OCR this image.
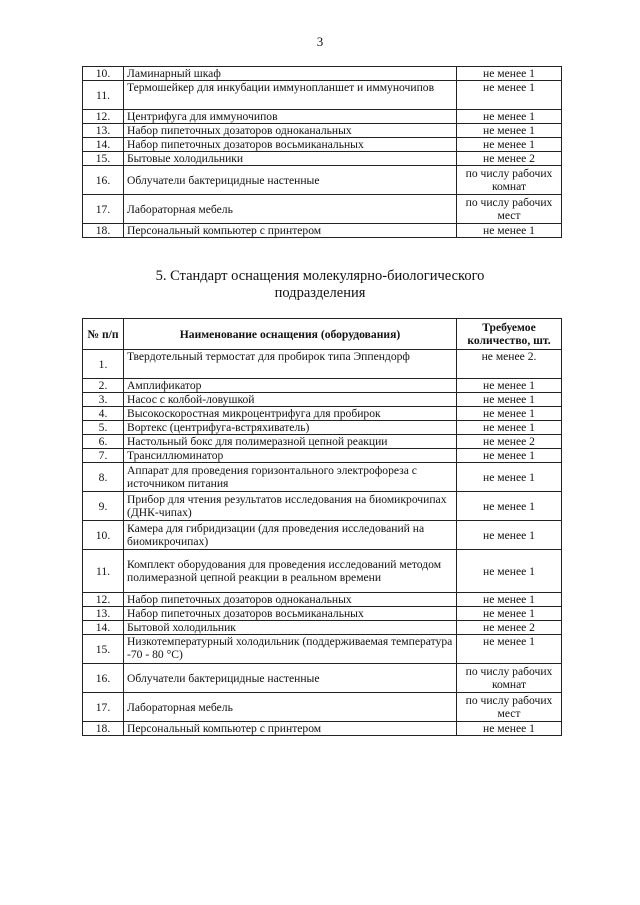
3
10.	Ламинарный шкаф	не менее 1
11.	Термошейкер для инкубации иммунопланшет и иммуночипов	не менее 1
12.	Центрифуга для иммуночипов	не менее 1
13.	Набор пипеточных дозаторов одноканальных	не менее 1
14.	Набор пипеточных дозаторов восьмиканальных	не менее 1
15.	Бытовые холодильники	не менее 2
16.	Облучатели бактерицидные настенные	по числу рабочих комнат
17.	Лабораторная мебель	по числу рабочих мест
18.	Персональный компьютер с принтером	не менее 1
5. Стандарт оснащения молекулярно-биологического
подразделения
№ п/п	Наименование оснащения (оборудования)	Требуемое количество, шт.
1.	Твердотельный термостат для пробирок типа Эппендорф	не менее 2.
2.	Амплификатор	не менее 1
3.	Насос с колбой-ловушкой	не менее 1
4.	Высокоскоростная микроцентрифуга для пробирок	не менее 1
5.	Вортекс (центрифуга-встряхиватель)	не менее 1
6.	Настольный бокс для полимеразной цепной реакции	не менее 2
7.	Трансиллюминатор	не менее 1
8.	Аппарат для проведения горизонтального электрофореза с источником питания	не менее 1
9.	Прибор для чтения результатов исследования на биомикрочипах (ДНК-чипах)	не менее 1
10.	Камера для гибридизации (для проведения исследований на биомикрочипах)	не менее 1
11.	Комплект оборудования для проведения исследований методом полимеразной цепной реакции в реальном времени	не менее 1
12.	Набор пипеточных дозаторов одноканальных	не менее 1
13.	Набор пипеточных дозаторов восьмиканальных	не менее 1
14.	Бытовой холодильник	не менее 2
15.	Низкотемпературный холодильник (поддерживаемая температура -70 - 80 °С)	не менее 1
16.	Облучатели бактерицидные настенные	по числу рабочих комнат
17.	Лабораторная мебель	по числу рабочих мест
18.	Персональный компьютер с принтером	не менее 1
